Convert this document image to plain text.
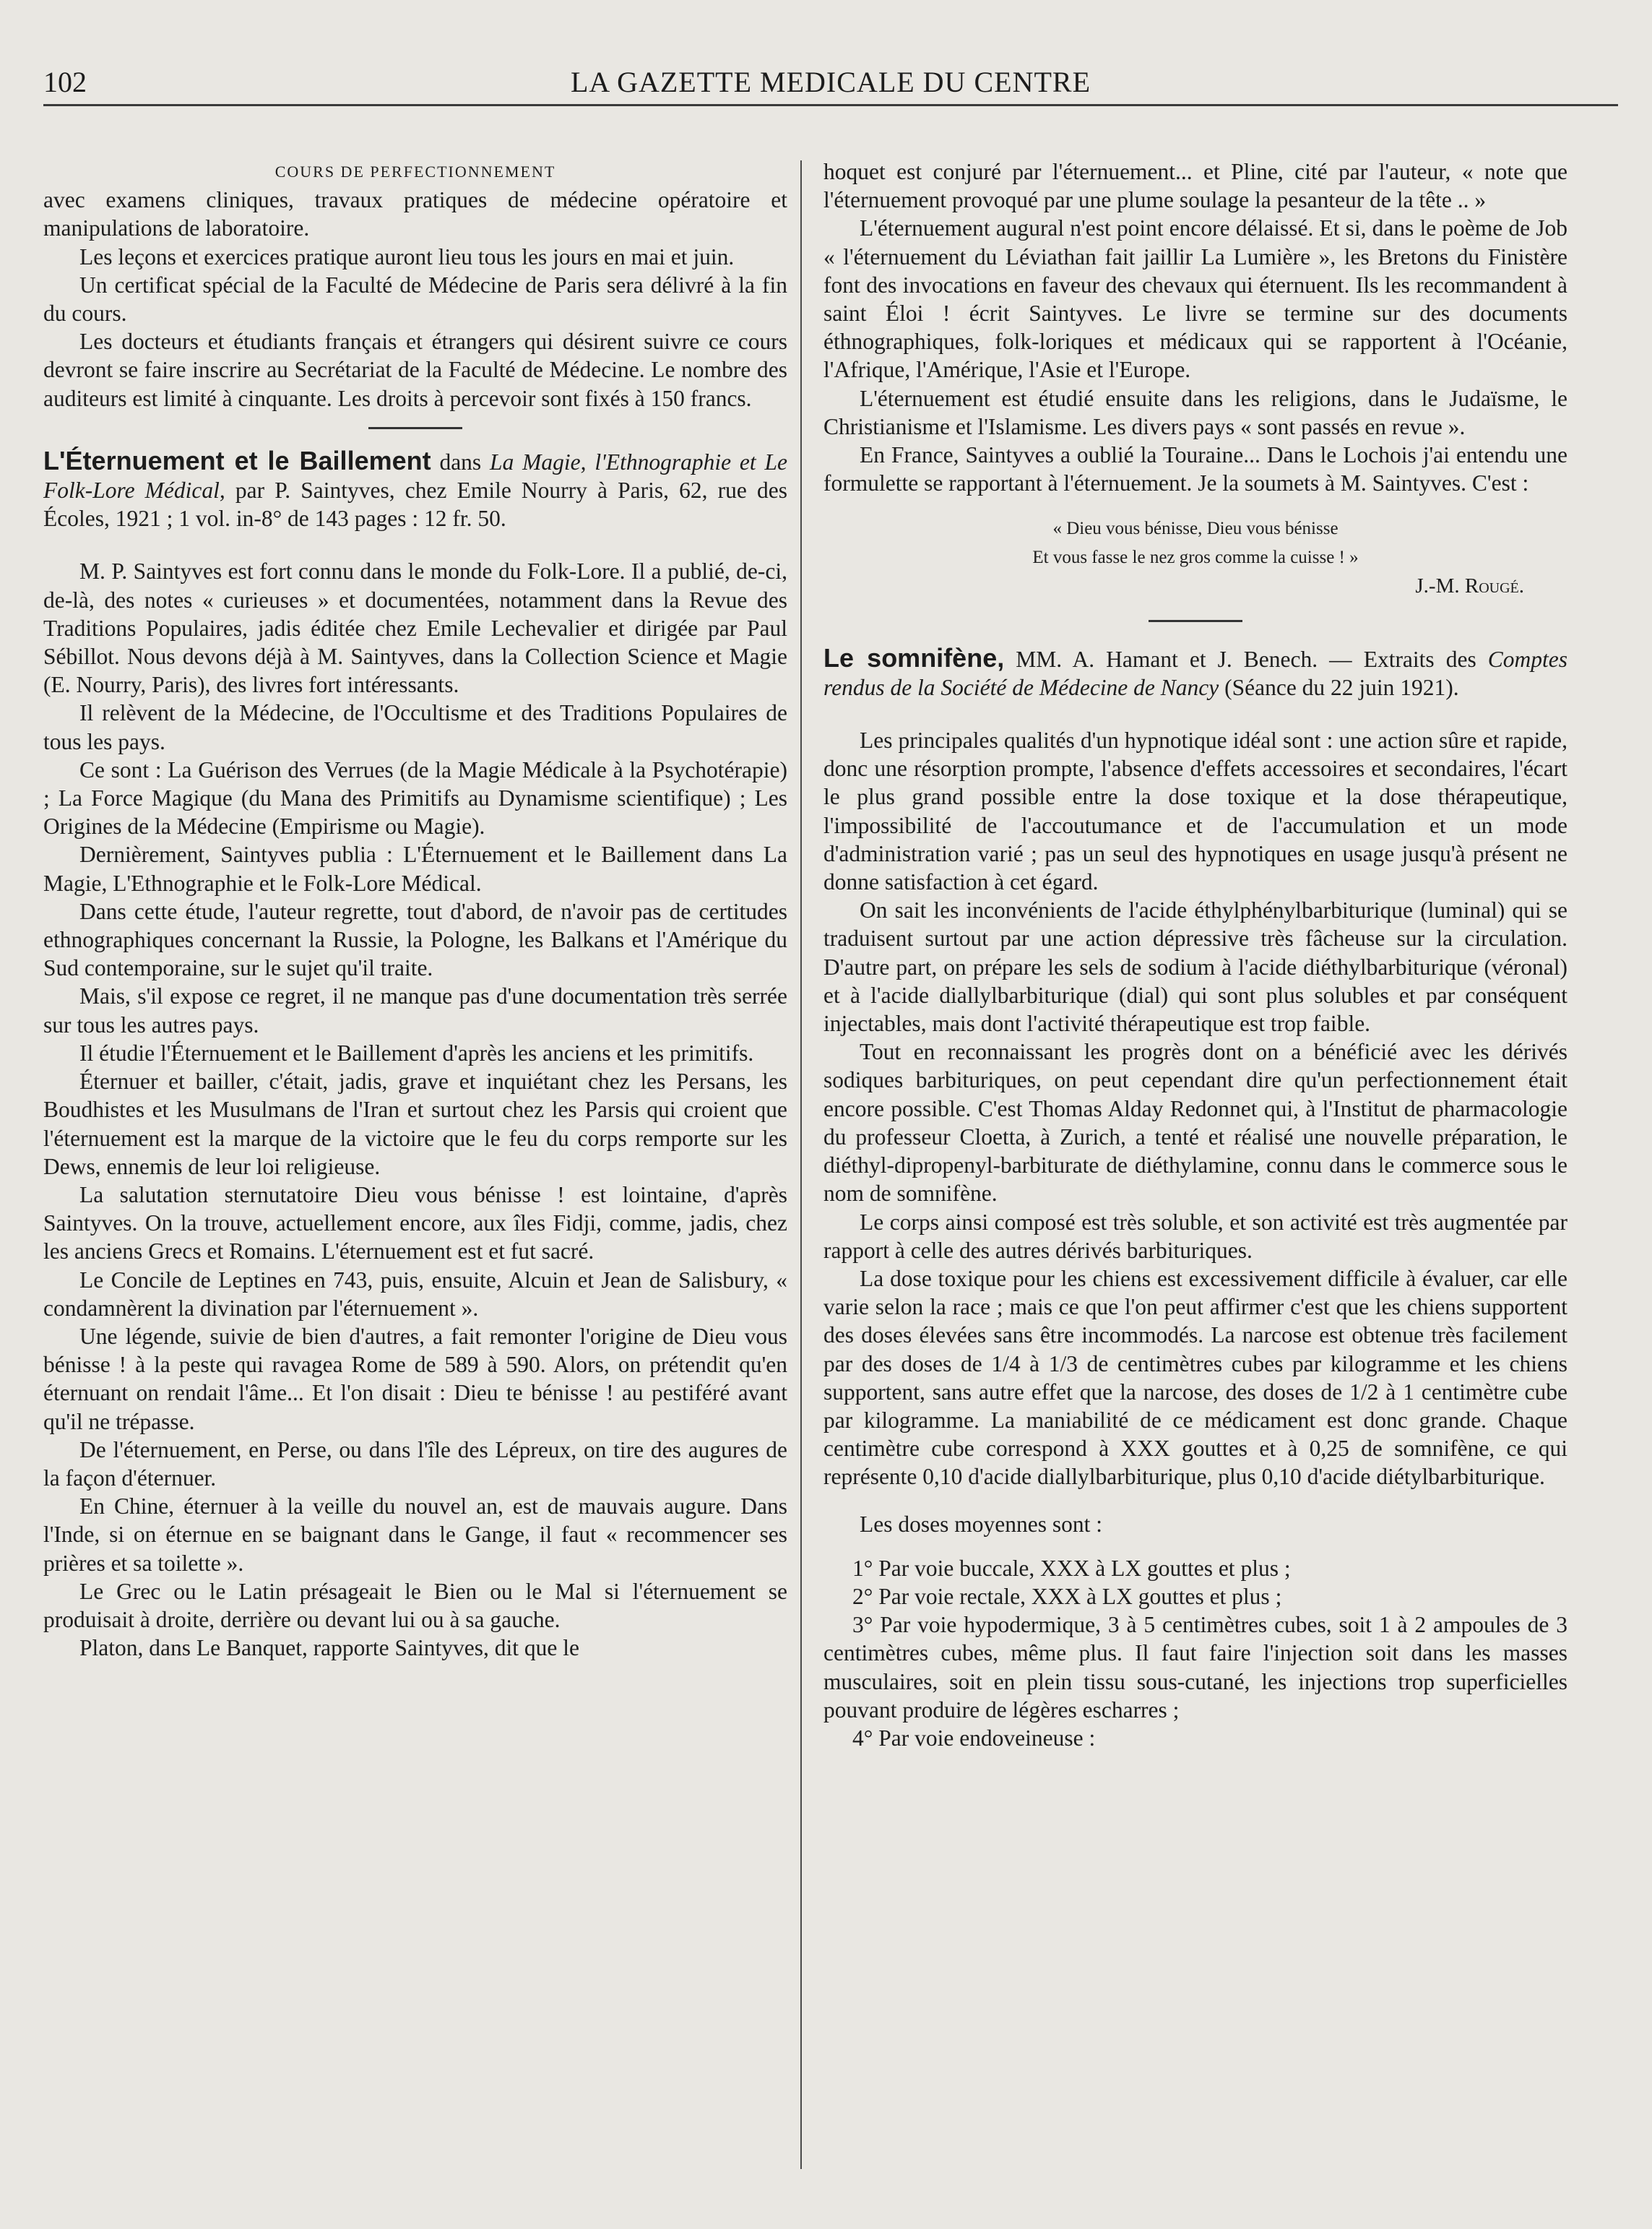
102	LA GAZETTE MEDICALE DU CENTRE

COURS DE PERFECTIONNEMENT

avec examens cliniques, travaux pratiques de médecine opératoire et manipulations de laboratoire.

Les leçons et exercices pratique auront lieu tous les jours en mai et juin.

Un certificat spécial de la Faculté de Médecine de Paris sera délivré à la fin du cours.

Les docteurs et étudiants français et étrangers qui désirent suivre ce cours devront se faire inscrire au Secrétariat de la Faculté de Médecine. Le nombre des auditeurs est limité à cinquante. Les droits à percevoir sont fixés à 150 francs.

L'Éternuement et le Baillement dans La Magie, l'Ethnographie et Le Folk-Lore Médical, par P. Saintyves, chez Emile Nourry à Paris, 62, rue des Écoles, 1921 ; 1 vol. in-8° de 143 pages : 12 fr. 50.

M. P. Saintyves est fort connu dans le monde du Folk-Lore. Il a publié, de-ci, de-là, des notes « curieuses » et documentées, notamment dans la Revue des Traditions Populaires, jadis éditée chez Emile Lechevalier et dirigée par Paul Sébillot. Nous devons déjà à M. Saintyves, dans la Collection Science et Magie (E. Nourry, Paris), des livres fort intéressants.

Il relèvent de la Médecine, de l'Occultisme et des Traditions Populaires de tous les pays.

Ce sont : La Guérison des Verrues (de la Magie Médicale à la Psychotérapie) ; La Force Magique (du Mana des Primitifs au Dynamisme scientifique) ; Les Origines de la Médecine (Empirisme ou Magie).

Dernièrement, Saintyves publia : L'Éternuement et le Baillement dans La Magie, L'Ethnographie et le Folk-Lore Médical.

Dans cette étude, l'auteur regrette, tout d'abord, de n'avoir pas de certitudes ethnographiques concernant la Russie, la Pologne, les Balkans et l'Amérique du Sud contemporaine, sur le sujet qu'il traite.

Mais, s'il expose ce regret, il ne manque pas d'une documentation très serrée sur tous les autres pays.

Il étudie l'Éternuement et le Baillement d'après les anciens et les primitifs.

Éternuer et bailler, c'était, jadis, grave et inquiétant chez les Persans, les Boudhistes et les Musulmans de l'Iran et surtout chez les Parsis qui croient que l'éternuement est la marque de la victoire que le feu du corps remporte sur les Dews, ennemis de leur loi religieuse.

La salutation sternutatoire Dieu vous bénisse ! est lointaine, d'après Saintyves. On la trouve, actuellement encore, aux îles Fidji, comme, jadis, chez les anciens Grecs et Romains. L'éternuement est et fut sacré.

Le Concile de Leptines en 743, puis, ensuite, Alcuin et Jean de Salisbury, « condamnèrent la divination par l'éternuement ».

Une légende, suivie de bien d'autres, a fait remonter l'origine de Dieu vous bénisse ! à la peste qui ravagea Rome de 589 à 590. Alors, on prétendit qu'en éternuant on rendait l'âme... Et l'on disait : Dieu te bénisse ! au pestiféré avant qu'il ne trépasse.

De l'éternuement, en Perse, ou dans l'île des Lépreux, on tire des augures de la façon d'éternuer.

En Chine, éternuer à la veille du nouvel an, est de mauvais augure. Dans l'Inde, si on éternue en se baignant dans le Gange, il faut « recommencer ses prières et sa toilette ».

Le Grec ou le Latin présageait le Bien ou le Mal si l'éternuement se produisait à droite, derrière ou devant lui ou à sa gauche.

Platon, dans Le Banquet, rapporte Saintyves, dit que le

hoquet est conjuré par l'éternuement... et Pline, cité par l'auteur, « note que l'éternuement provoqué par une plume soulage la pesanteur de la tête .. »

L'éternuement augural n'est point encore délaissé. Et si, dans le poème de Job « l'éternuement du Léviathan fait jaillir La Lumière », les Bretons du Finistère font des invocations en faveur des chevaux qui éternuent. Ils les recommandent à saint Éloi ! écrit Saintyves. Le livre se termine sur des documents éthnographiques, folk-loriques et médicaux qui se rapportent à l'Océanie, l'Afrique, l'Amérique, l'Asie et l'Europe.

L'éternuement est étudié ensuite dans les religions, dans le Judaïsme, le Christianisme et l'Islamisme. Les divers pays « sont passés en revue ».

En France, Saintyves a oublié la Touraine... Dans le Lochois j'ai entendu une formulette se rapportant à l'éternuement. Je la soumets à M. Saintyves. C'est :

« Dieu vous bénisse, Dieu vous bénisse

Et vous fasse le nez gros comme la cuisse ! »

J.-M. Rougé.

Le somnifène, MM. A. Hamant et J. Benech. — Extraits des Comptes rendus de la Société de Médecine de Nancy (Séance du 22 juin 1921).

Les principales qualités d'un hypnotique idéal sont : une action sûre et rapide, donc une résorption prompte, l'absence d'effets accessoires et secondaires, l'écart le plus grand possible entre la dose toxique et la dose thérapeutique, l'impossibilité de l'accoutumance et de l'accumulation et un mode d'administration varié ; pas un seul des hypnotiques en usage jusqu'à présent ne donne satisfaction à cet égard.

On sait les inconvénients de l'acide éthylphénylbarbiturique (luminal) qui se traduisent surtout par une action dépressive très fâcheuse sur la circulation. D'autre part, on prépare les sels de sodium à l'acide diéthylbarbiturique (véronal) et à l'acide diallylbarbiturique (dial) qui sont plus solubles et par conséquent injectables, mais dont l'activité thérapeutique est trop faible.

Tout en reconnaissant les progrès dont on a bénéficié avec les dérivés sodiques barbituriques, on peut cependant dire qu'un perfectionnement était encore possible. C'est Thomas Alday Redonnet qui, à l'Institut de pharmacologie du professeur Cloetta, à Zurich, a tenté et réalisé une nouvelle préparation, le diéthyl-dipropenyl-barbiturate de diéthylamine, connu dans le commerce sous le nom de somnifène.

Le corps ainsi composé est très soluble, et son activité est très augmentée par rapport à celle des autres dérivés barbituriques.

La dose toxique pour les chiens est excessivement difficile à évaluer, car elle varie selon la race ; mais ce que l'on peut affirmer c'est que les chiens supportent des doses élevées sans être incommodés. La narcose est obtenue très facilement par des doses de 1/4 à 1/3 de centimètres cubes par kilogramme et les chiens supportent, sans autre effet que la narcose, des doses de 1/2 à 1 centimètre cube par kilogramme. La maniabilité de ce médicament est donc grande. Chaque centimètre cube correspond à XXX gouttes et à 0,25 de somnifène, ce qui représente 0,10 d'acide diallylbarbiturique, plus 0,10 d'acide diétylbarbiturique.

Les doses moyennes sont :

1° Par voie buccale, XXX à LX gouttes et plus ;

2° Par voie rectale, XXX à LX gouttes et plus ;

3° Par voie hypodermique, 3 à 5 centimètres cubes, soit 1 à 2 ampoules de 3 centimètres cubes, même plus. Il faut faire l'injection soit dans les masses musculaires, soit en plein tissu sous-cutané, les injections trop superficielles pouvant produire de légères escharres ;

4° Par voie endoveineuse :
